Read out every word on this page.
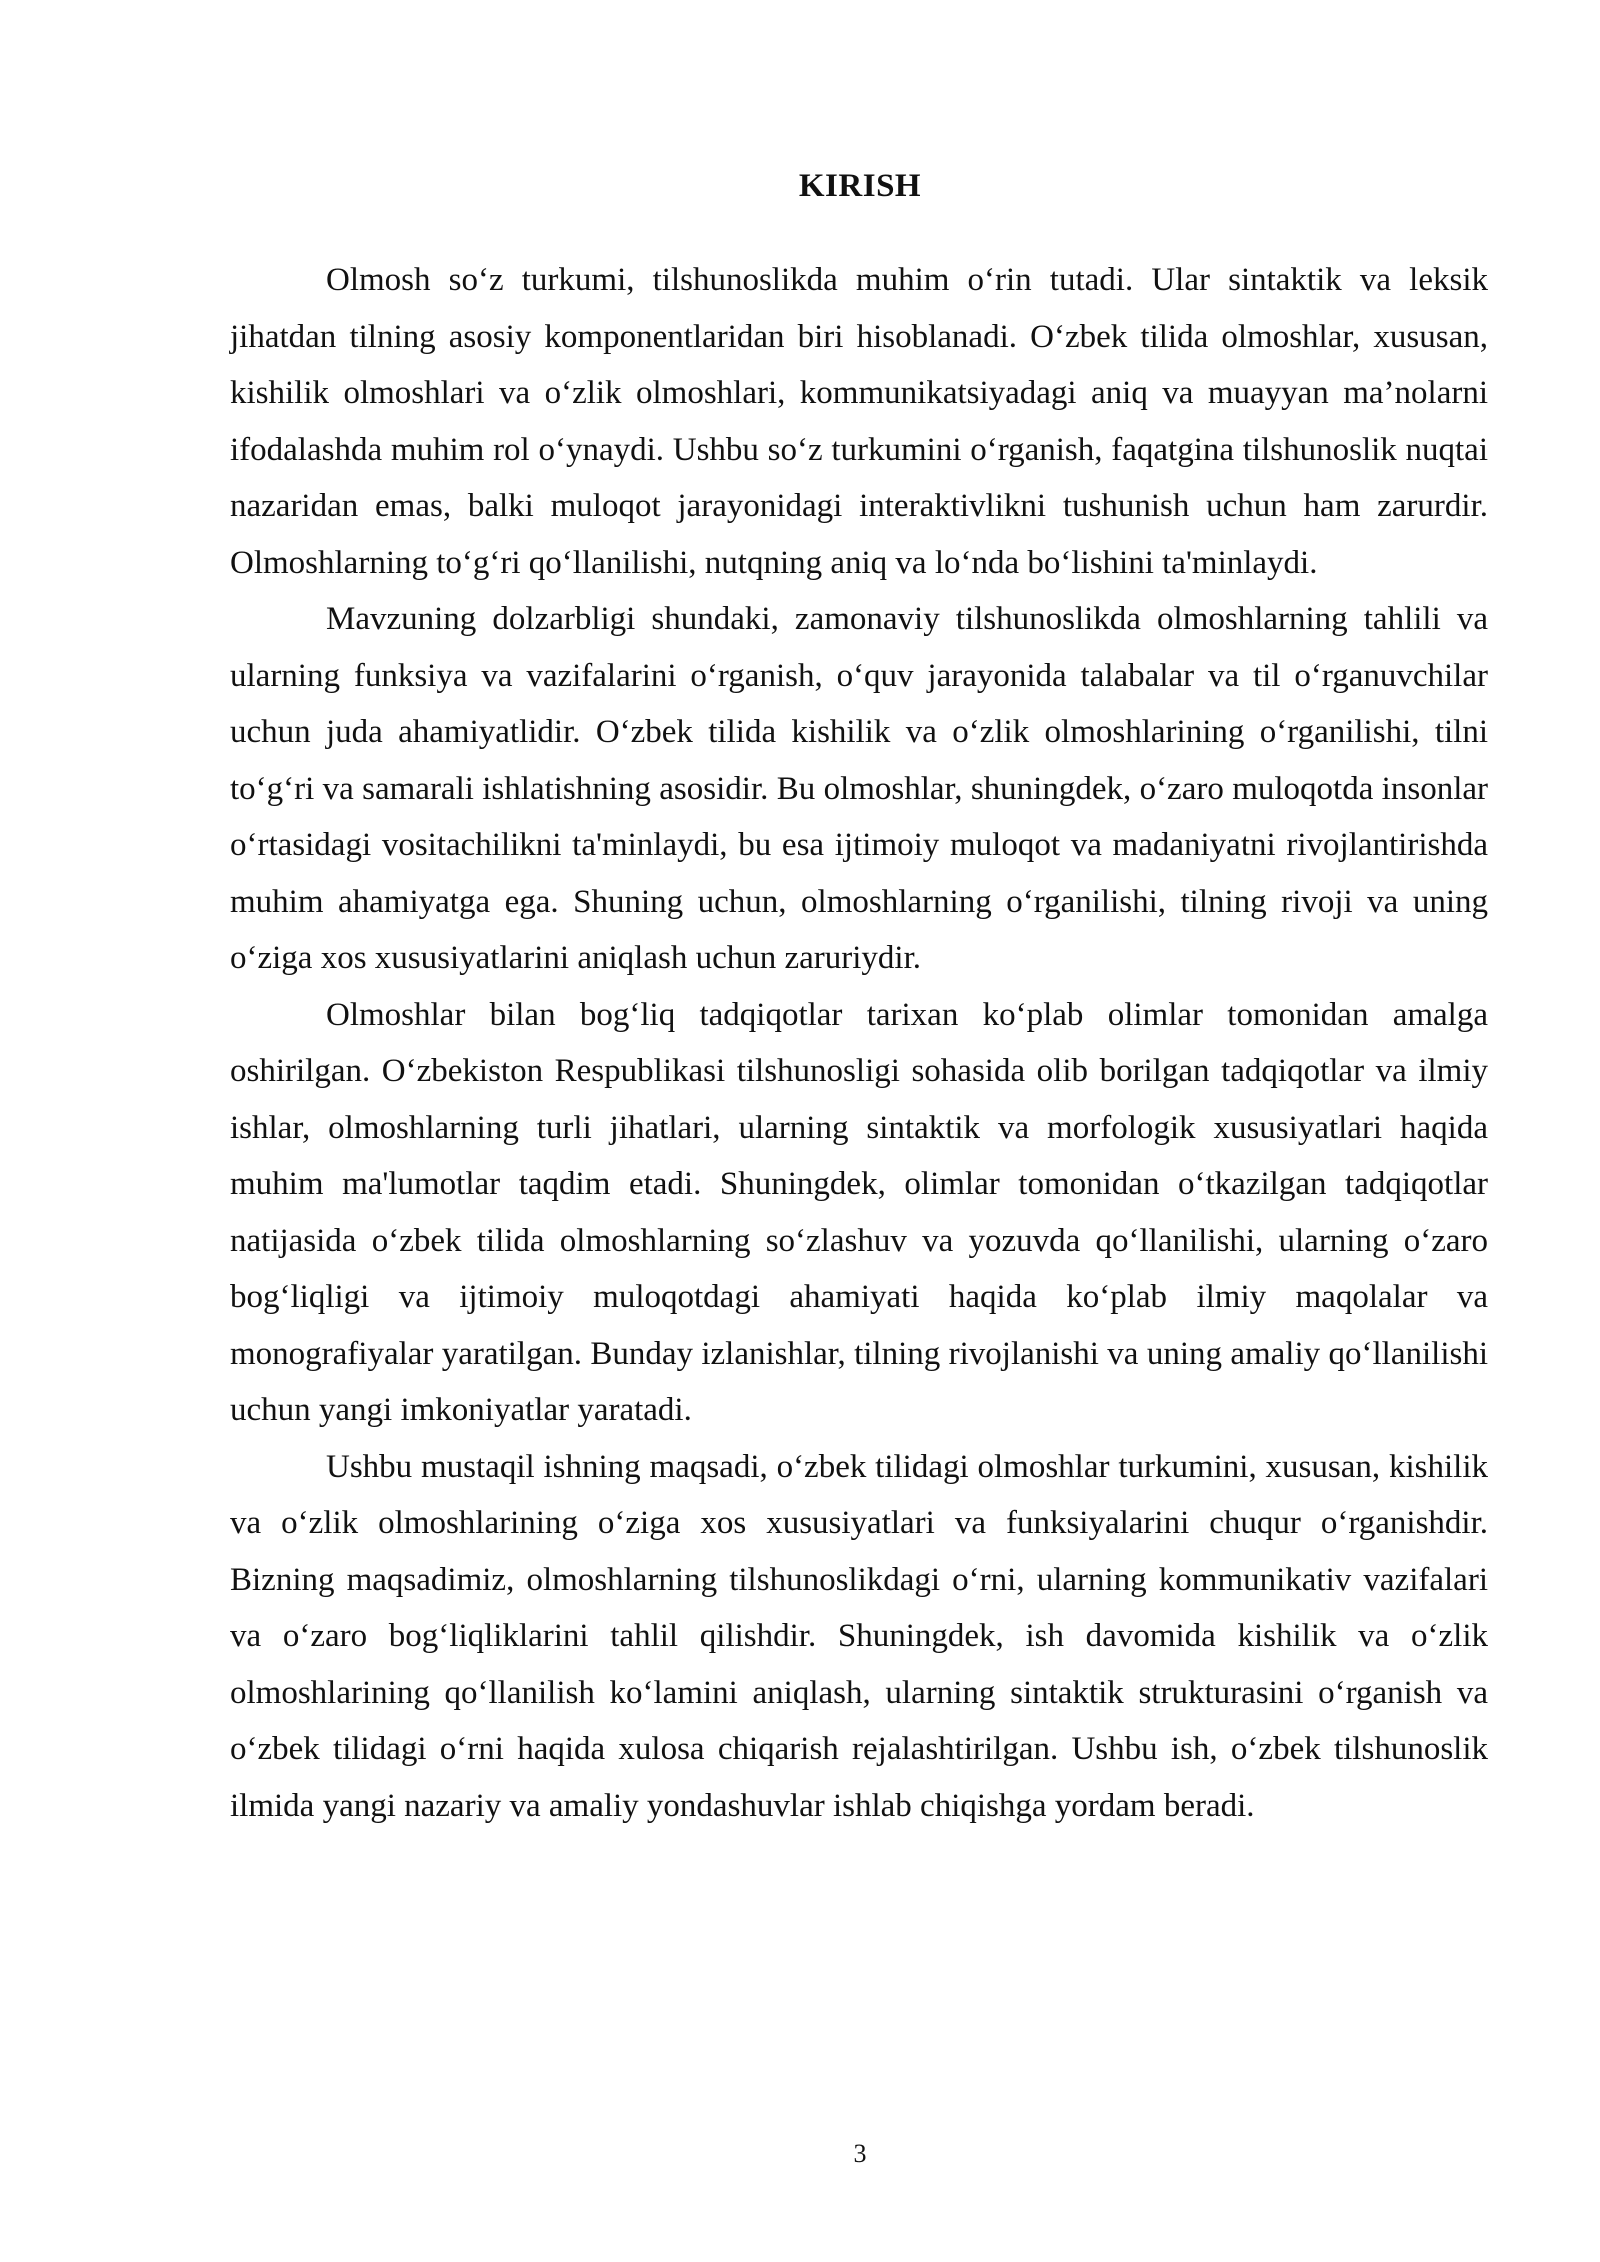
KIRISH

Olmosh so‘z turkumi, tilshunoslikda muhim o‘rin tutadi. Ular sintaktik va leksik jihatdan tilning asosiy komponentlaridan biri hisoblanadi. O‘zbek tilida olmoshlar, xususan, kishilik olmoshlari va o‘zlik olmoshlari, kommunikatsiyadagi aniq va muayyan ma’nolarni ifodalashda muhim rol o‘ynaydi. Ushbu so‘z turkumini o‘rganish, faqatgina tilshunoslik nuqtai nazaridan emas, balki muloqot jarayonidagi interaktivlikni tushunish uchun ham zarurdir. Olmoshlarning to‘g‘ri qo‘llanilishi, nutqning aniq va lo‘nda bo‘lishini ta'minlaydi.

Mavzuning dolzarbligi shundaki, zamonaviy tilshunoslikda olmoshlarning tahlili va ularning funksiya va vazifalarini o‘rganish, o‘quv jarayonida talabalar va til o‘rganuvchilar uchun juda ahamiyatlidir. O‘zbek tilida kishilik va o‘zlik olmoshlarining o‘rganilishi, tilni to‘g‘ri va samarali ishlatishning asosidir. Bu olmoshlar, shuningdek, o‘zaro muloqotda insonlar o‘rtasidagi vositachilikni ta'minlaydi, bu esa ijtimoiy muloqot va madaniyatni rivojlantirishda muhim ahamiyatga ega. Shuning uchun, olmoshlarning o‘rganilishi, tilning rivoji va uning o‘ziga xos xususiyatlarini aniqlash uchun zaruriydir.

Olmoshlar bilan bog‘liq tadqiqotlar tarixan ko‘plab olimlar tomonidan amalga oshirilgan. O‘zbekiston Respublikasi tilshunosligi sohasida olib borilgan tadqiqotlar va ilmiy ishlar, olmoshlarning turli jihatlari, ularning sintaktik va morfologik xususiyatlari haqida muhim ma'lumotlar taqdim etadi. Shuningdek, olimlar tomonidan o‘tkazilgan tadqiqotlar natijasida o‘zbek tilida olmoshlarning so‘zlashuv va yozuvda qo‘llanilishi, ularning o‘zaro bog‘liqligi va ijtimoiy muloqotdagi ahamiyati haqida ko‘plab ilmiy maqolalar va monografiyalar yaratilgan. Bunday izlanishlar, tilning rivojlanishi va uning amaliy qo‘llanilishi uchun yangi imkoniyatlar yaratadi.

Ushbu mustaqil ishning maqsadi, o‘zbek tilidagi olmoshlar turkumini, xususan, kishilik va o‘zlik olmoshlarining o‘ziga xos xususiyatlari va funksiyalarini chuqur o‘rganishdir. Bizning maqsadimiz, olmoshlarning tilshunoslikdagi o‘rni, ularning kommunikativ vazifalari va o‘zaro bog‘liqliklarini tahlil qilishdir. Shuningdek, ish davomida kishilik va o‘zlik olmoshlarining qo‘llanilish ko‘lamini aniqlash, ularning sintaktik strukturasini o‘rganish va o‘zbek tilidagi o‘rni haqida xulosa chiqarish rejalashtirilgan. Ushbu ish, o‘zbek tilshunoslik ilmida yangi nazariy va amaliy yondashuvlar ishlab chiqishga yordam beradi.

3
